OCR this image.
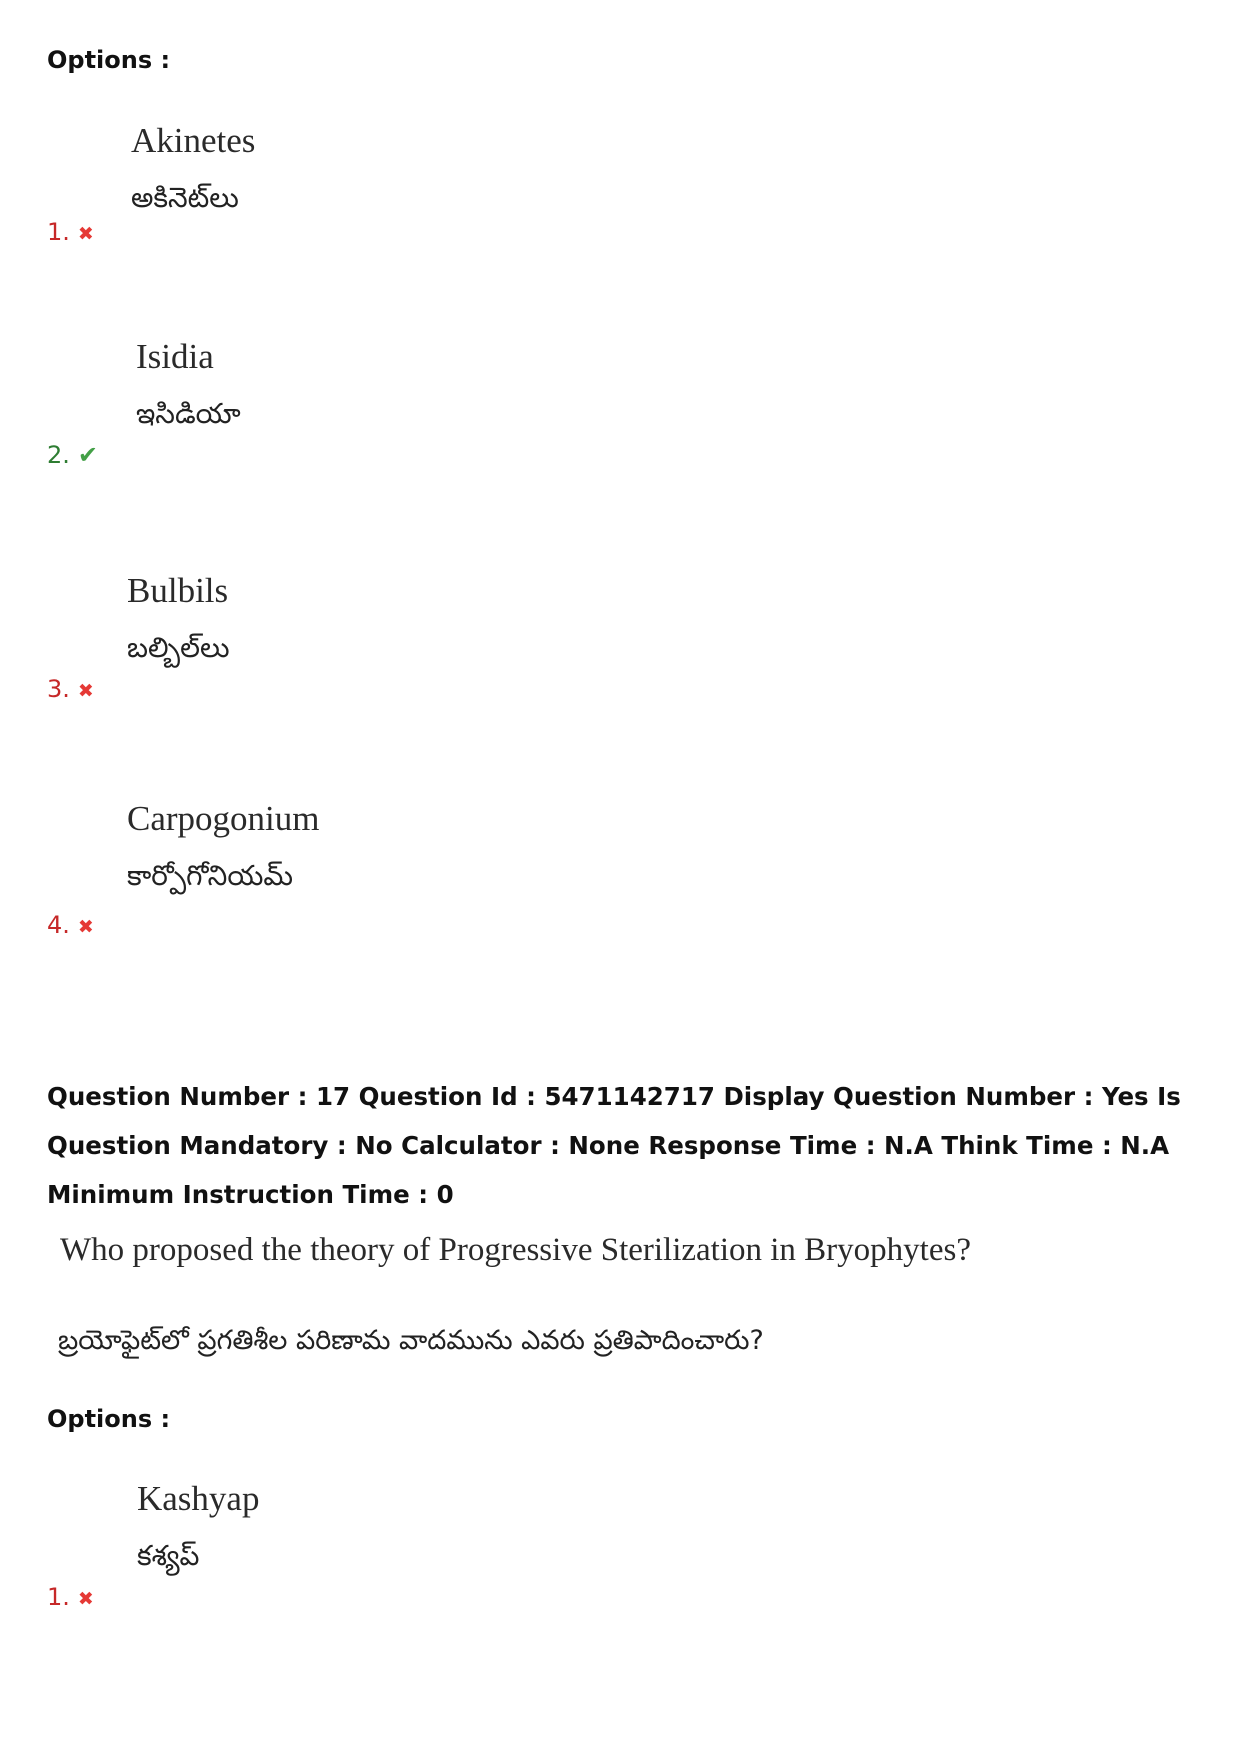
Options :
Akinetes
అకినెట్‌లు
1. ✖
Isidia
ఇసిడియా
2. ✔
Bulbils
బల్బిల్‌లు
3. ✖
Carpogonium
కార్పోగోనియమ్
4. ✖
Question Number : 17 Question Id : 5471142717 Display Question Number : Yes Is Question Mandatory : No Calculator : None Response Time : N.A Think Time : N.A Minimum Instruction Time : 0
Who proposed the theory of Progressive Sterilization in Bryophytes?
బ్రయోఫైట్‌లో ప్రగతిశీల పరిణామ వాదమును ఎవరు ప్రతిపాదించారు?
Options :
Kashyap
కశ్యప్
1. ✖
